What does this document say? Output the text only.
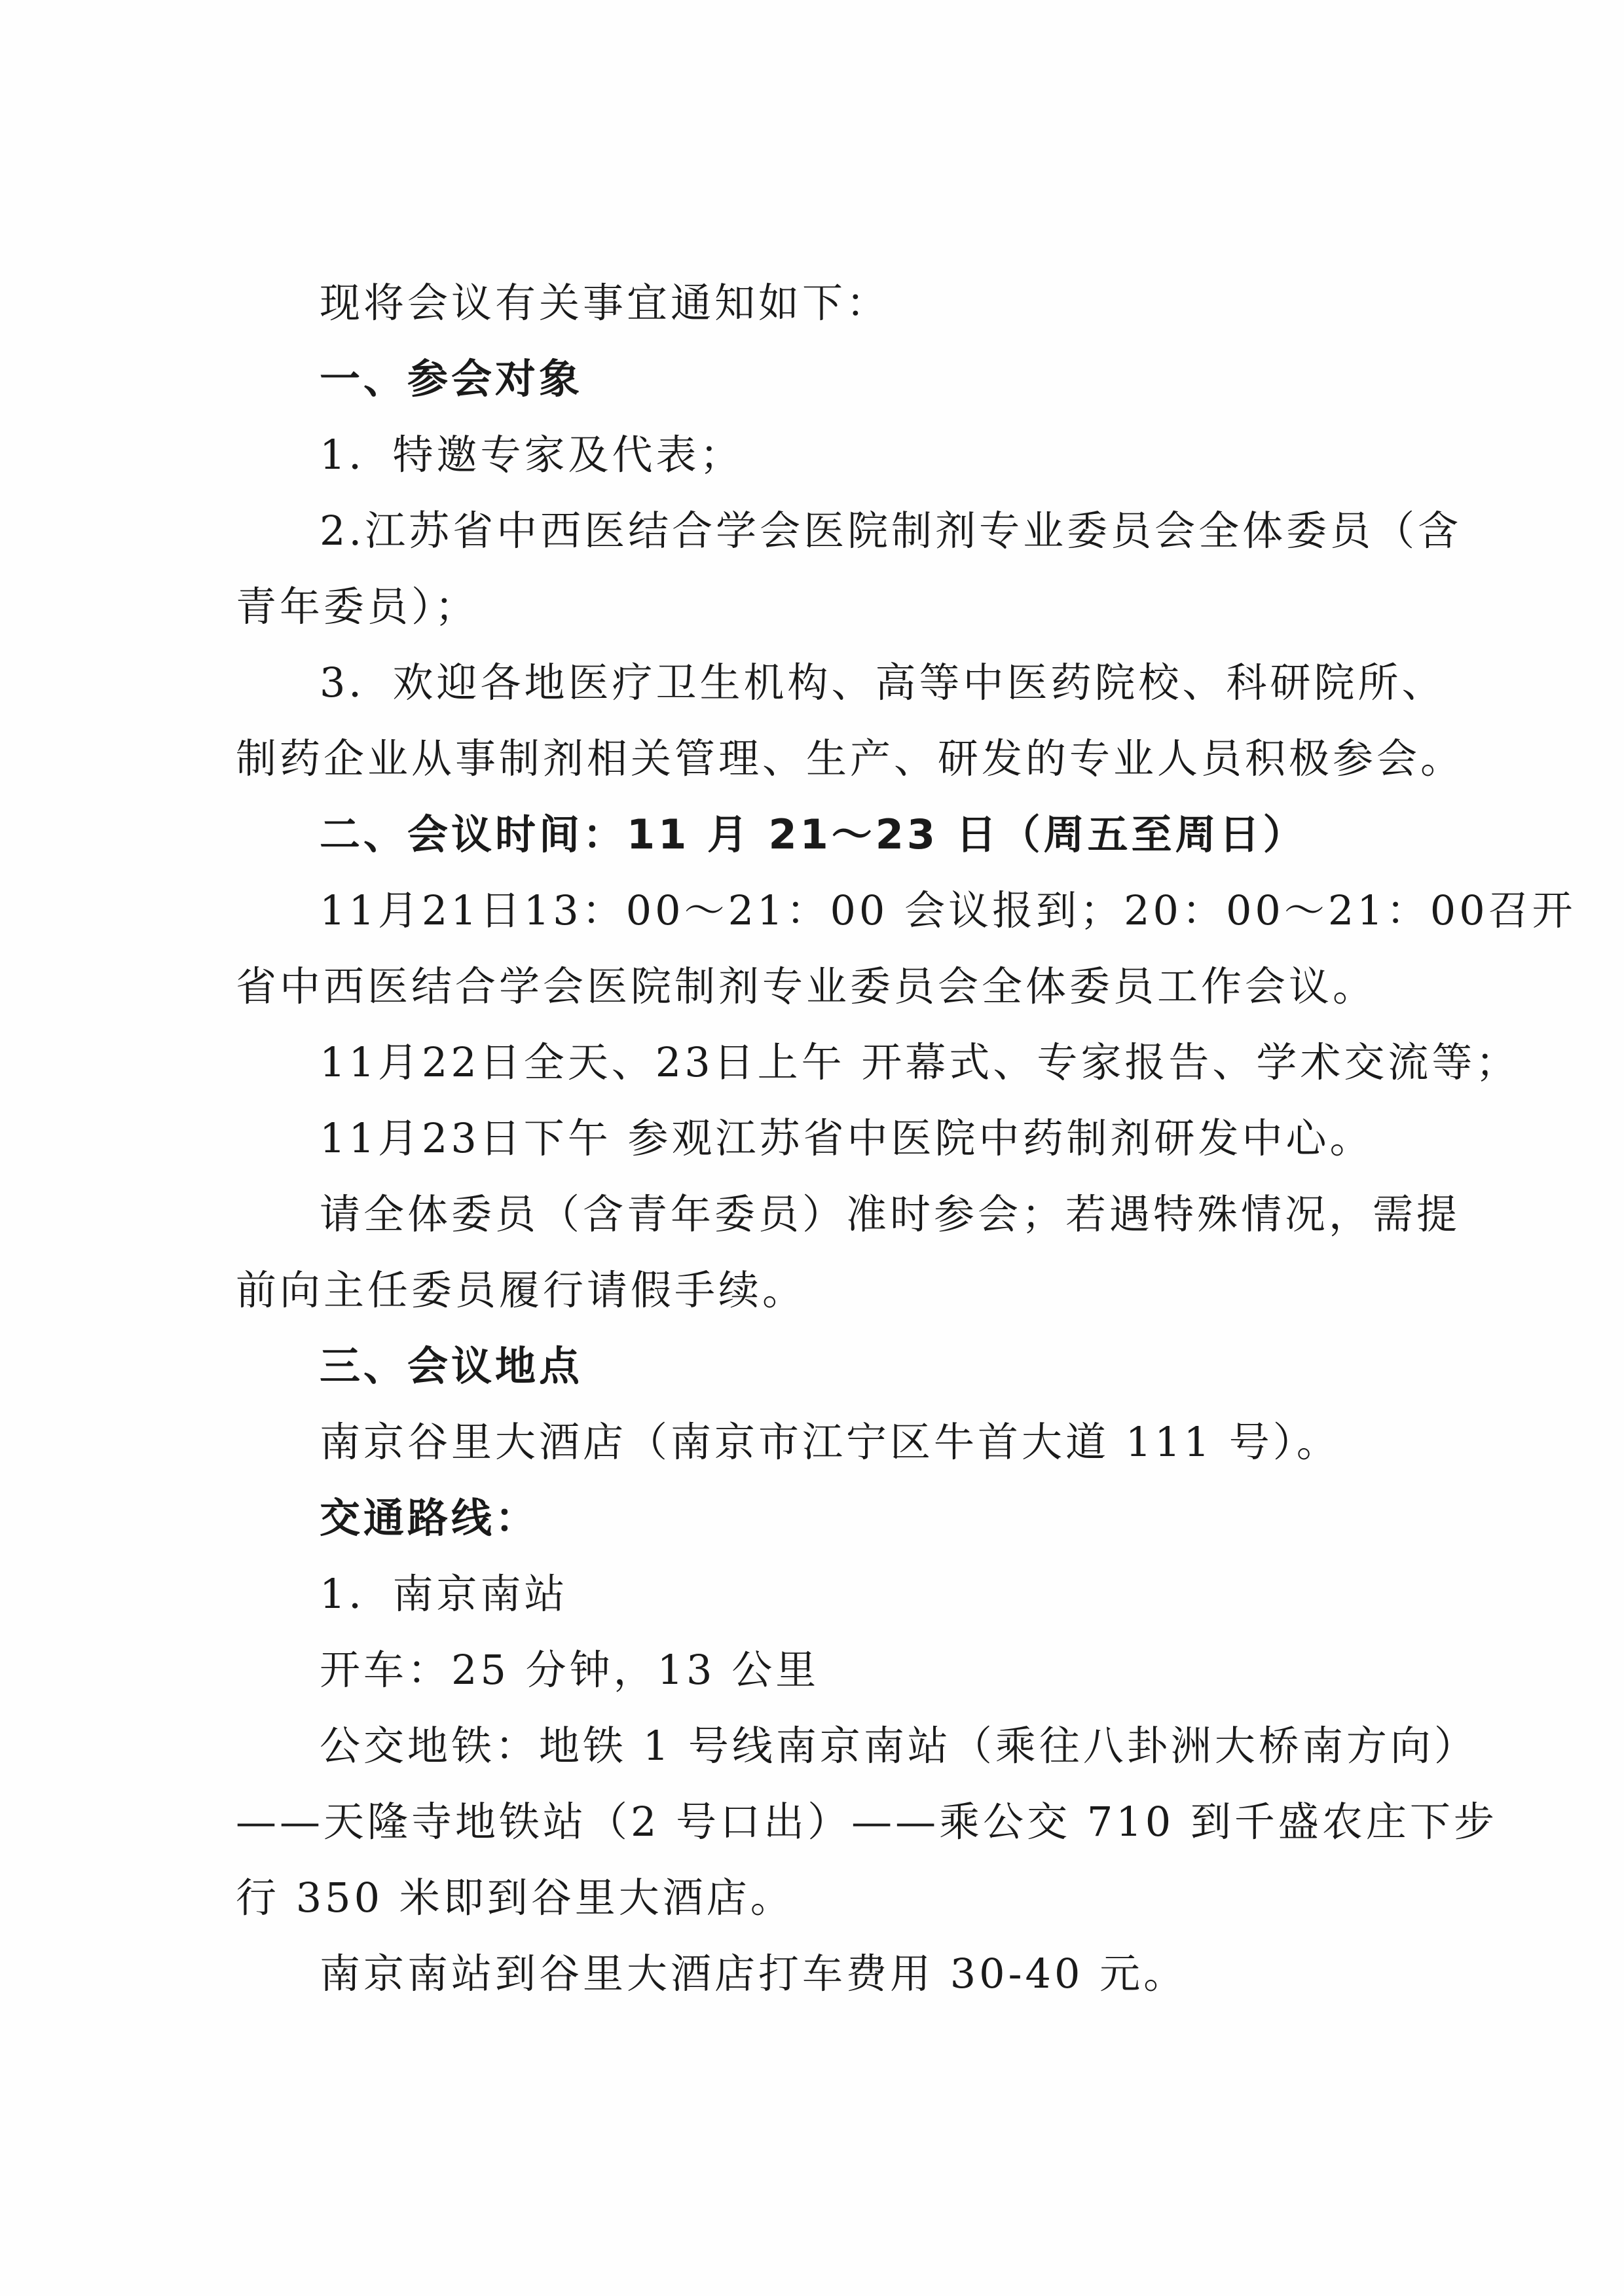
现将会议有关事宜通知如下：
一、参会对象
1．特邀专家及代表；
2.江苏省中西医结合学会医院制剂专业委员会全体委员（含
青年委员）；
3．欢迎各地医疗卫生机构、高等中医药院校、科研院所、
制药企业从事制剂相关管理、生产、研发的专业人员积极参会。
二、会议时间：11 月 21～23 日（周五至周日）
11月21日13：00～21：00 会议报到；20：00～21：00召开
省中西医结合学会医院制剂专业委员会全体委员工作会议。
11月22日全天、23日上午 开幕式、专家报告、学术交流等；
11月23日下午 参观江苏省中医院中药制剂研发中心。
请全体委员（含青年委员）准时参会；若遇特殊情况，需提
前向主任委员履行请假手续。
三、会议地点
南京谷里大酒店（南京市江宁区牛首大道 111 号）。
交通路线：
1．南京南站
开车：25 分钟，13 公里
公交地铁：地铁 1 号线南京南站（乘往八卦洲大桥南方向）
——天隆寺地铁站（2 号口出）——乘公交 710 到千盛农庄下步
行 350 米即到谷里大酒店。
南京南站到谷里大酒店打车费用 30-40 元。
